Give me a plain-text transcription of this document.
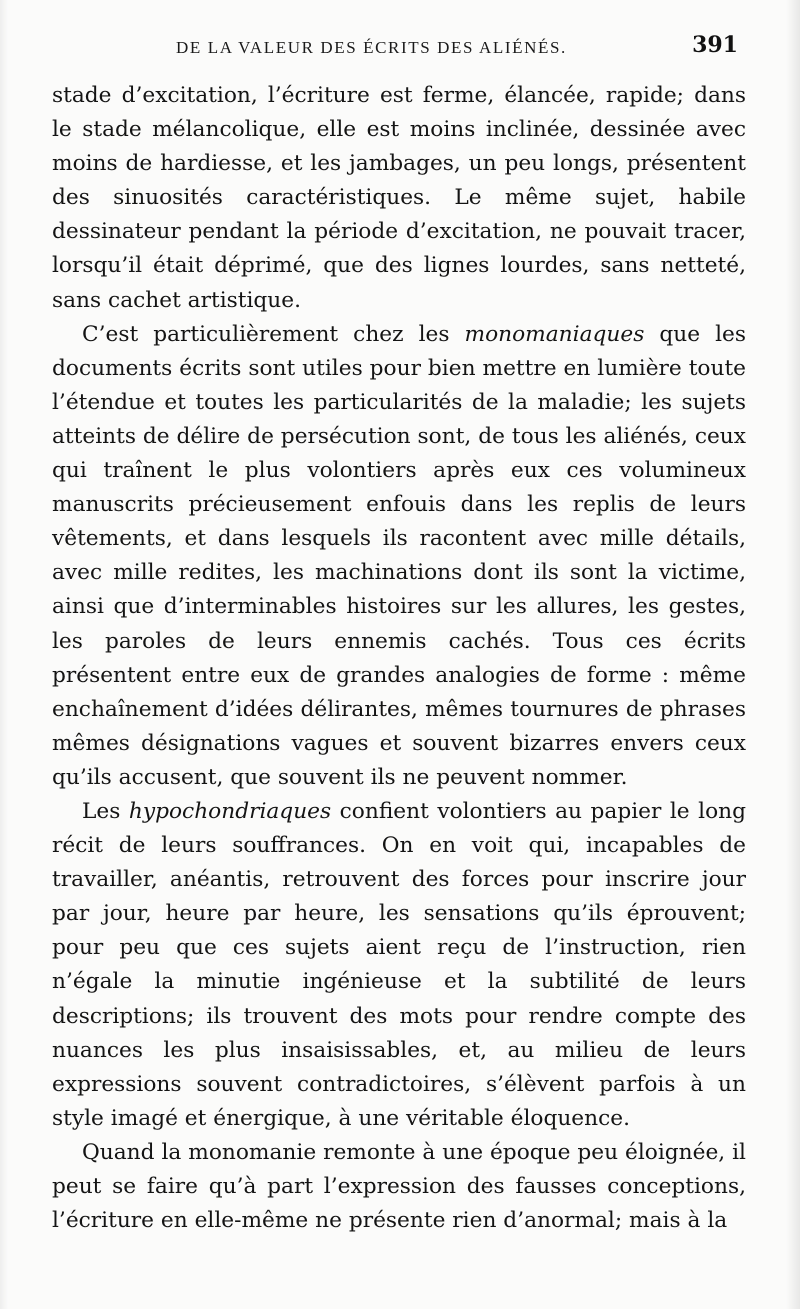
DE LA VALEUR DES ÉCRITS DES ALIÉNÉS.	391

stade d’excitation, l’écriture est ferme, élancée, rapide; dans le stade mélancolique, elle est moins inclinée, dessinée avec moins de hardiesse, et les jambages, un peu longs, présentent des sinuosités caractéristiques. Le même sujet, habile dessinateur pendant la période d’excitation, ne pouvait tracer, lorsqu’il était déprimé, que des lignes lourdes, sans netteté, sans cachet artistique.

C’est particulièrement chez les monomaniaques que les documents écrits sont utiles pour bien mettre en lumière toute l’étendue et toutes les particularités de la maladie; les sujets atteints de délire de persécution sont, de tous les aliénés, ceux qui traînent le plus volontiers après eux ces volumineux manuscrits précieusement enfouis dans les replis de leurs vêtements, et dans lesquels ils racontent avec mille détails, avec mille redites, les machinations dont ils sont la victime, ainsi que d’interminables histoires sur les allures, les gestes, les paroles de leurs ennemis cachés. Tous ces écrits présentent entre eux de grandes analogies de forme : même enchaînement d’idées délirantes, mêmes tournures de phrases mêmes désignations vagues et souvent bizarres envers ceux qu’ils accusent, que souvent ils ne peuvent nommer.

Les hypochondriaques confient volontiers au papier le long récit de leurs souffrances. On en voit qui, incapables de travailler, anéantis, retrouvent des forces pour inscrire jour par jour, heure par heure, les sensations qu’ils éprouvent; pour peu que ces sujets aient reçu de l’instruction, rien n’égale la minutie ingénieuse et la subtilité de leurs descriptions; ils trouvent des mots pour rendre compte des nuances les plus insaisissables, et, au milieu de leurs expressions souvent contradictoires, s’élèvent parfois à un style imagé et énergique, à une véritable éloquence.

Quand la monomanie remonte à une époque peu éloignée, il peut se faire qu’à part l’expression des fausses conceptions, l’écriture en elle-même ne présente rien d’anormal; mais à la
